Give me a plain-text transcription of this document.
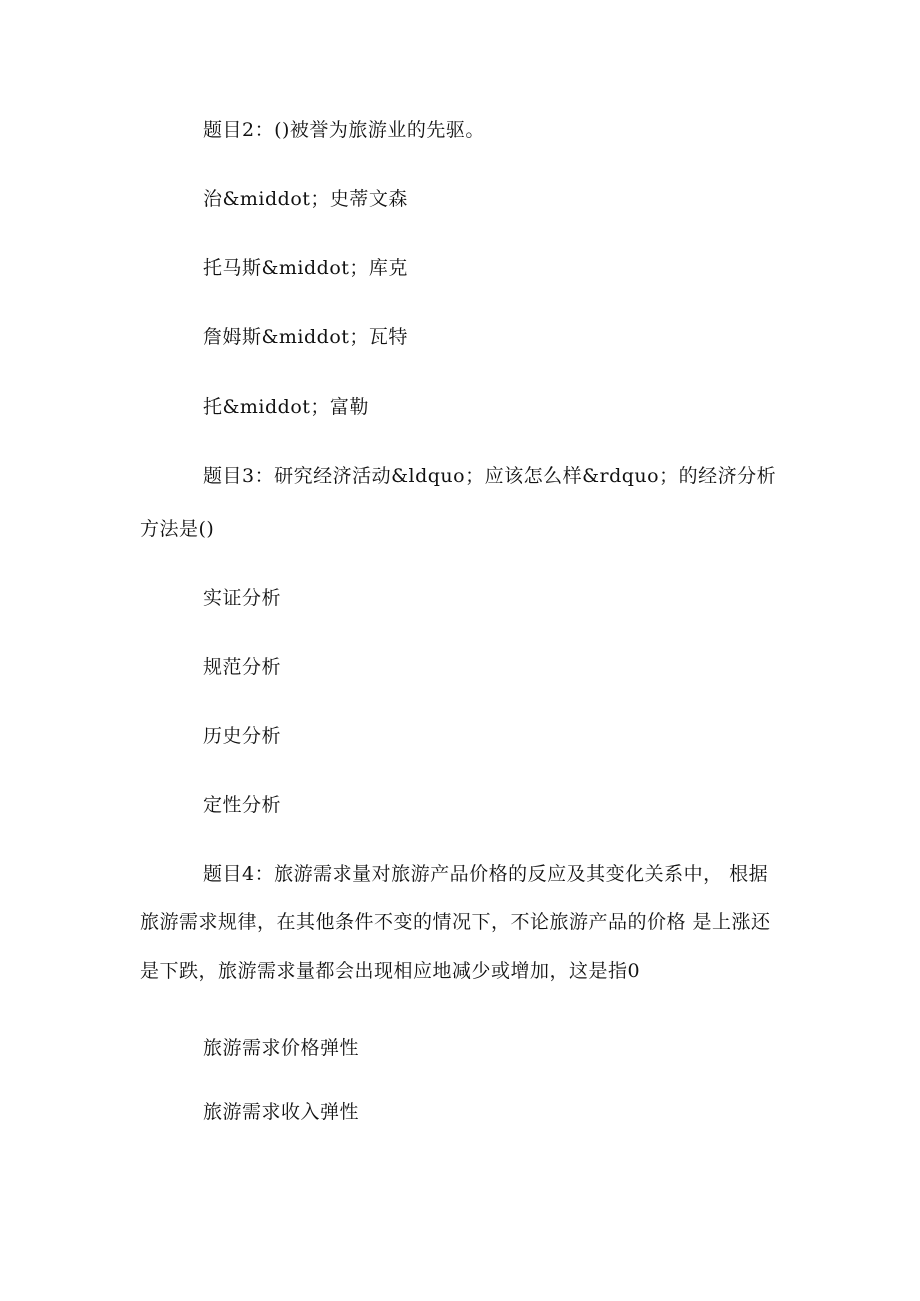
题目2：()被誉为旅游业的先驱。
治&middot；史蒂文森
托马斯&middot；库克
詹姆斯&middot；瓦特
托&middot；富勒
题目3：研究经济活动&ldquo；应该怎么样&rdquo；的经济分析
方法是()
实证分析
规范分析
历史分析
定性分析
题目4：旅游需求量对旅游产品价格的反应及其变化关系中， 根据
旅游需求规律，在其他条件不变的情况下，不论旅游产品的价格 是上涨还
是下跌，旅游需求量都会出现相应地减少或增加，这是指0
旅游需求价格弹性
旅游需求收入弹性
